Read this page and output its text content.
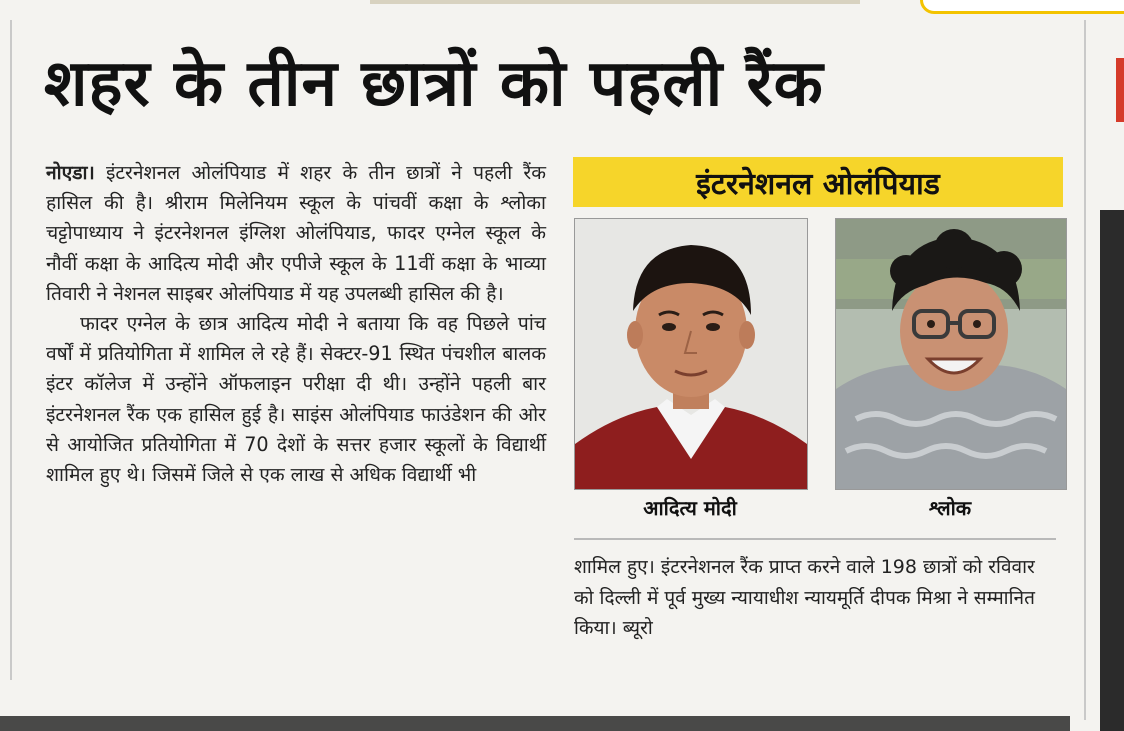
शहर के तीन छात्रों को पहली रैंक

नोएडा। इंटरनेशनल ओलंपियाड में शहर के तीन छात्रों ने पहली रैंक हासिल की है। श्रीराम मिलेनियम स्कूल के पांचवीं कक्षा के श्लोका चट्टोपाध्याय ने इंटरनेशनल इंग्लिश ओलंपियाड, फादर एग्नेल स्कूल के नौवीं कक्षा के आदित्य मोदी और एपीजे स्कूल के 11वीं कक्षा के भाव्या तिवारी ने नेशनल साइबर ओलंपियाड में यह उपलब्धी हासिल की है।

फादर एग्नेल के छात्र आदित्य मोदी ने बताया कि वह पिछले पांच वर्षों में प्रतियोगिता में शामिल ले रहे हैं। सेक्टर-91 स्थित पंचशील बालक इंटर कॉलेज में उन्होंने ऑफलाइन परीक्षा दी थी। उन्होंने पहली बार इंटरनेशनल रैंक एक हासिल हुई है। साइंस ओलंपियाड फाउंडेशन की ओर से आयोजित प्रतियोगिता में 70 देशों के सत्तर हजार स्कूलों के विद्यार्थी शामिल हुए थे। जिसमें जिले से एक लाख से अधिक विद्यार्थी भी

इंटरनेशनल ओलंपियाड
आदित्य मोदी	श्लोक

शामिल हुए। इंटरनेशनल रैंक प्राप्त करने वाले 198 छात्रों को रविवार को दिल्ली में पूर्व मुख्य न्यायाधीश न्यायमूर्ति दीपक मिश्रा ने सम्मानित किया। ब्यूरो
